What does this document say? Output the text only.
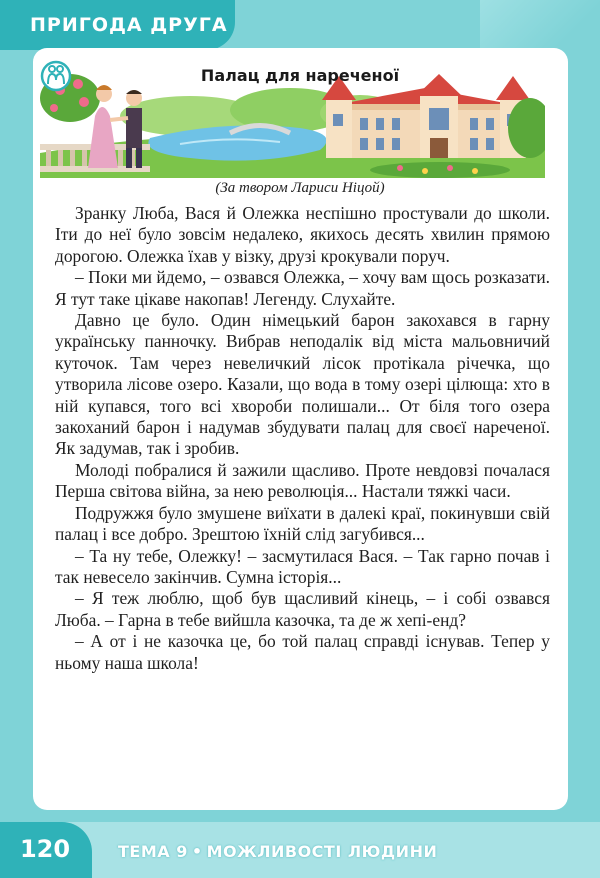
ПРИГОДА ДРУГА
Палац для нареченої
(За твором Лариси Ніцой)

Зранку Люба, Вася й Олежка неспішно простували до школи. Іти до неї було зовсім недалеко, якихось десять хвилин прямою дорогою. Олежка їхав у візку, друзі крокували поруч.

– Поки ми йдемо, – озвався Олежка, – хочу вам щось розказати. Я тут таке цікаве накопав! Легенду. Слухайте.

Давно це було. Один німецький барон закохався в гарну українську панночку. Вибрав неподалік від міста мальовничий куточок. Там через невеличкий лісок протікала річечка, що утворила лісове озеро. Казали, що вода в тому озері цілюща: хто в ній купався, того всі хвороби полишали... От біля того озера закоханий барон і надумав збудувати палац для своєї нареченої. Як задумав, так і зробив.

Молоді побралися й зажили щасливо. Проте невдовзі почалася Перша світова війна, за нею революція... Настали тяжкі часи.

Подружжя було змушене виїхати в далекі краї, покинувши свій палац і все добро. Зрештою їхній слід загубився...

– Та ну тебе, Олежку! – засмутилася Вася. – Так гарно почав і так невесело закінчив. Сумна історія...

– Я теж люблю, щоб був щасливий кінець, – і собі озвався Люба. – Гарна в тебе вийшла казочка, та де ж хепі-енд?

– А от і не казочка це, бо той палац справді існував. Тепер у ньому наша школа!

120	ТЕМА 9 • МОЖЛИВОСТІ ЛЮДИНИ
